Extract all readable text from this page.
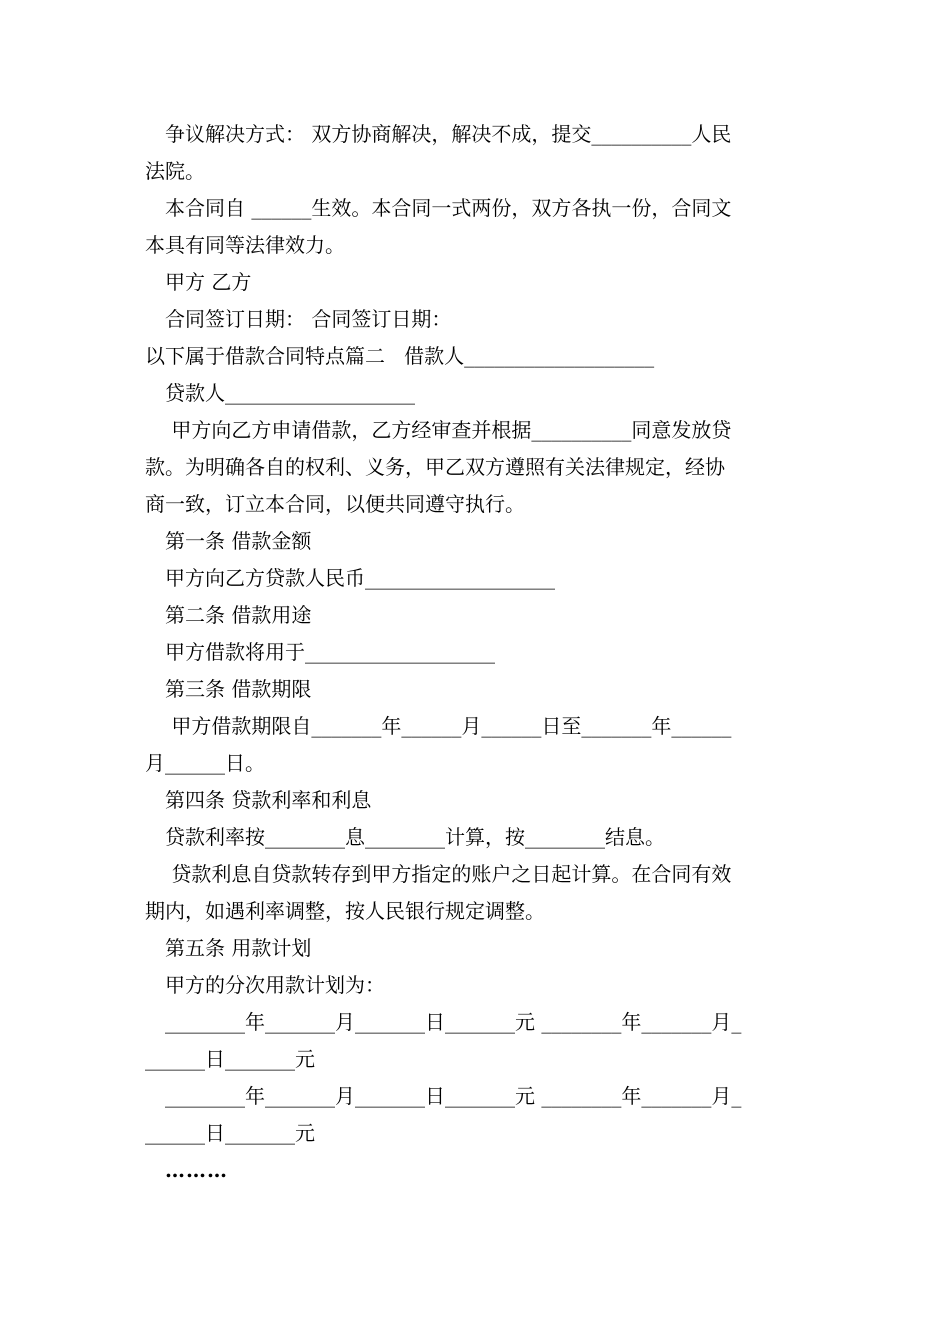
争议解决方式： 双方协商解决，解决不成，提交__________人民

法院。

本合同自 ______生效。本合同一式两份，双方各执一份，合同文

本具有同等法律效力。

甲方 乙方

合同签订日期： 合同签订日期：

以下属于借款合同特点篇二   借款人___________________

贷款人___________________

甲方向乙方申请借款，乙方经审查并根据__________同意发放贷

款。为明确各自的权利、义务，甲乙双方遵照有关法律规定，经协

商一致，订立本合同，以便共同遵守执行。

第一条 借款金额

甲方向乙方贷款人民币___________________

第二条 借款用途

甲方借款将用于___________________

第三条 借款期限

甲方借款期限自_______年______月______日至_______年______

月______日。

第四条 贷款利率和利息

贷款利率按________息________计算，按________结息。

贷款利息自贷款转存到甲方指定的账户之日起计算。在合同有效

期内，如遇利率调整，按人民银行规定调整。

第五条 用款计划

甲方的分次用款计划为：

________年_______月_______日_______元 ________年_______月_

______日_______元

________年_______月_______日_______元 ________年_______月_

______日_______元

………
